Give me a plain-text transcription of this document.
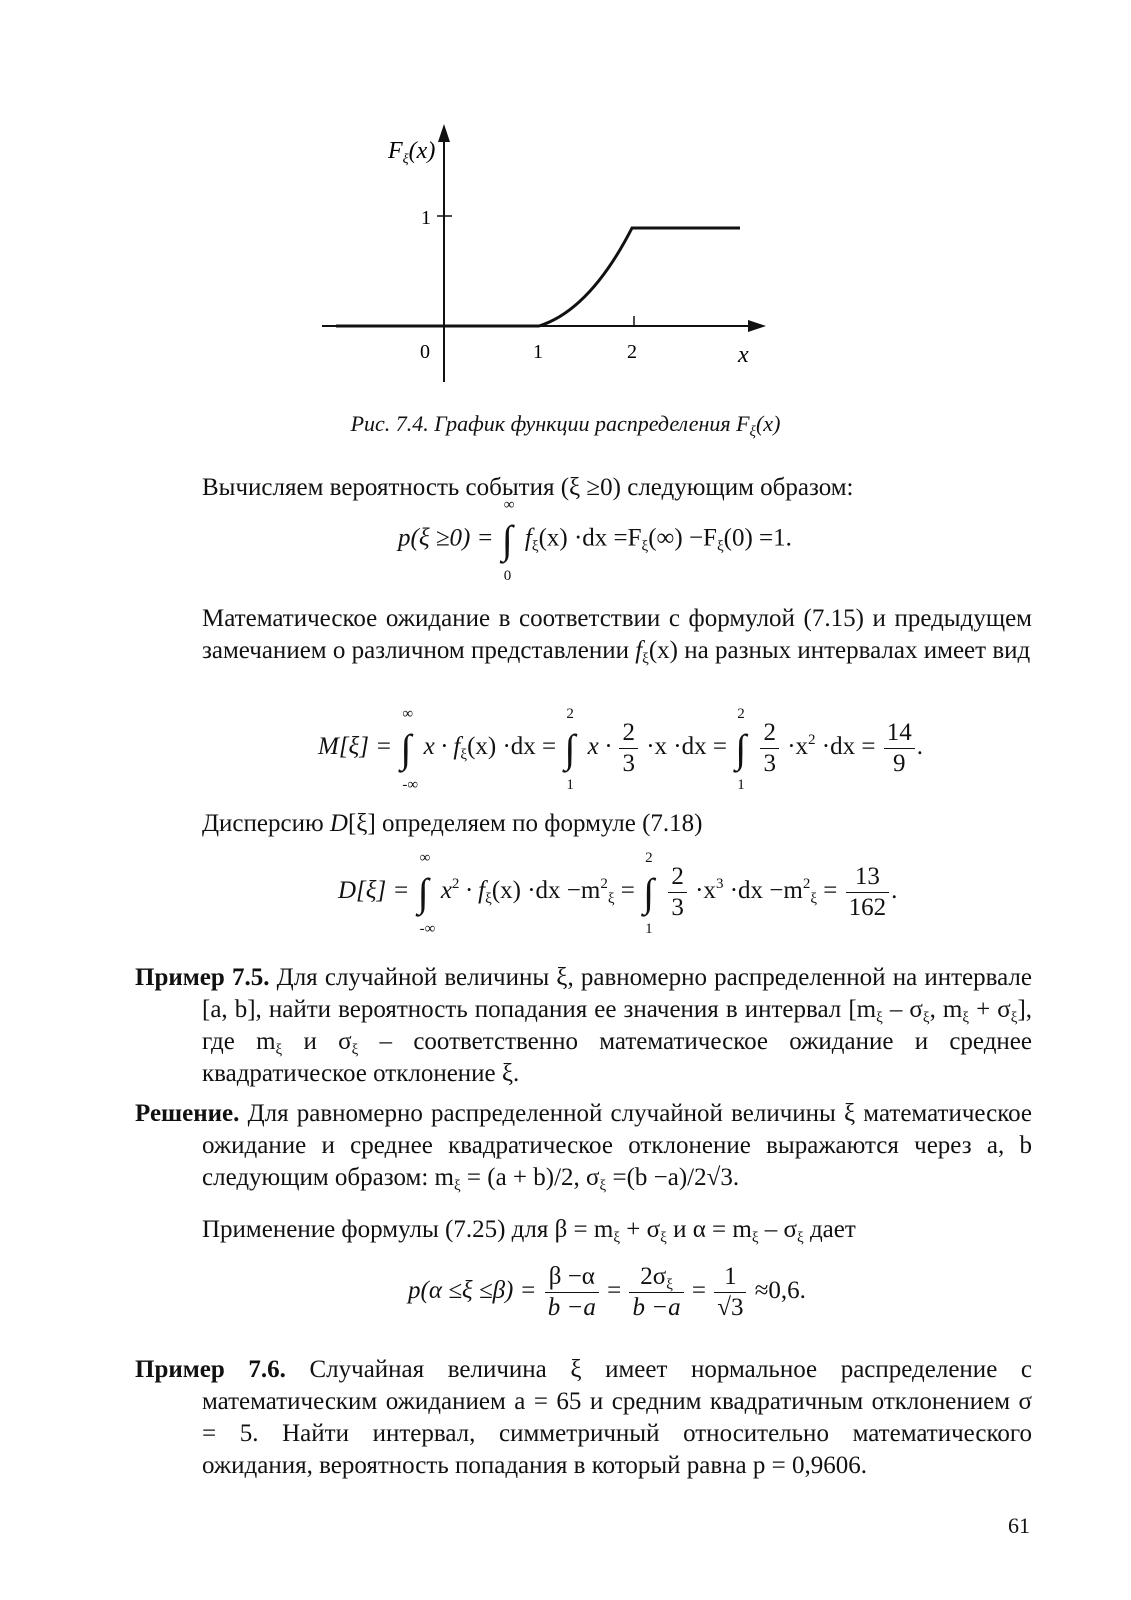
$F_\xi(x)$
1
0	1	2	x
Рис. 7.4. График функции распределения $F_\xi(x)$
Вычисляем вероятность события (ξ ≥0) следующим образом:
p(ξ ≥0) = ∫
∞
0
$f_\xi(x) \cdot dx =F_\xi(\infty) -F_\xi(0) =1$.
Математическое ожидание в соответствии с формулой (7.15) и предыдущем замечанием о различном представлении $f_\xi(x)$ на разных интервалах имеет вид
M[ξ] = ∫
∞
-∞
$x \cdot f_\xi(x) \cdot dx$ = ∫
2
1
$x \cdot \frac{2}{3} \cdot x \cdot dx$ = ∫
2
1

$\frac{2}{3} \cdot x^2 \cdot dx = \frac{14}{9}$ .
Дисперсию D[ξ] определяем по формуле (7.18)
D[ξ] = ∫
∞
-∞
$x^2 \cdot f_\xi(x) \cdot dx -m^2_\xi$ = ∫
2
1

$\frac{2}{3} \cdot x^3 \cdot dx -m^2_\xi = \frac{13}{162}$ .
Пример 7.5. Для случайной величины ξ, равномерно распределенной на интервале [a, b], найти вероятность попадания ее значения в интервал [$m_\xi - \sigma_\xi$, $m_\xi + \sigma_\xi$], где $m_\xi$ и $\sigma_\xi$ – соответственно математическое ожидание и среднее квадратическое отклонение ξ.
Решение. Для равномерно распределенной случайной величины ξ математическое ожидание и среднее квадратическое отклонение выражаются через a, b следующим образом: $m_\xi = (a + b)/2$, $\sigma_\xi =(b -a)/2√3$.
Применение формулы (7.25) для $\beta = m_\xi + \sigma_\xi$ и $\alpha = m_\xi - \sigma_\xi$ дает
$p(\alpha \le\xi \le\beta) = \frac{\beta -\alpha}{b -a} = \frac{2\sigma_\xi}{b -a} = \frac{1}{√3} \approx 0,6$.
Пример 7.6. Случайная величина ξ имеет нормальное распределение с математическим ожиданием a = 65 и средним квадратичным отклонением σ = 5. Найти интервал, симметричный относительно математического ожидания, вероятность попадания в который равна p = 0,9606.
61
